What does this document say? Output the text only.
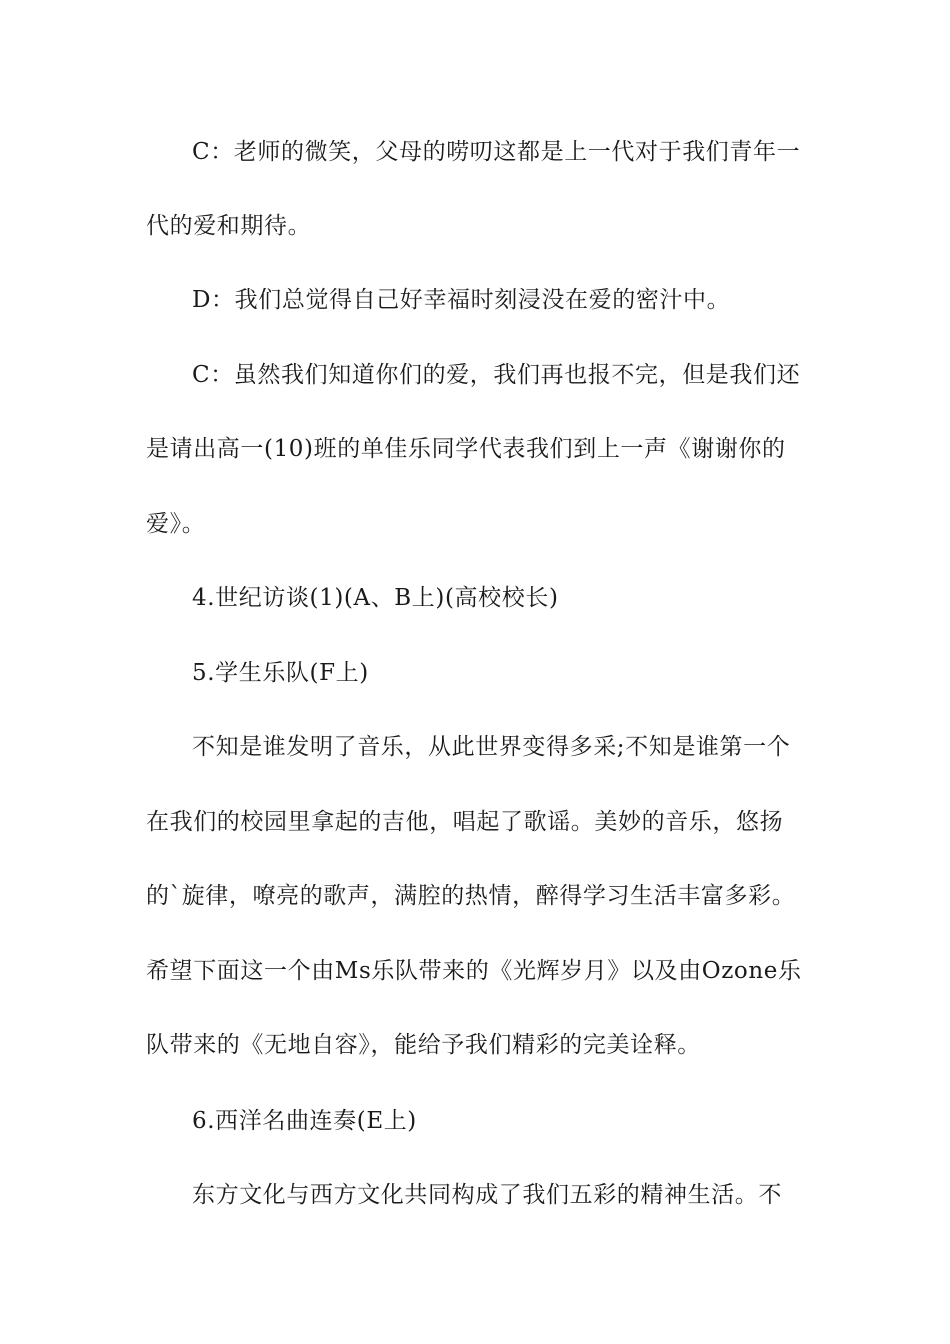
C：老师的微笑，父母的唠叨这都是上一代对于我们青年一
代的爱和期待。
D：我们总觉得自己好幸福时刻浸没在爱的密汁中。
C：虽然我们知道你们的爱，我们再也报不完，但是我们还
是请出高一(10)班的单佳乐同学代表我们到上一声《谢谢你的
爱》。
4.世纪访谈(1)(A、B上)(高校校长)
5.学生乐队(F上)
不知是谁发明了音乐，从此世界变得多采;不知是谁第一个
在我们的校园里拿起的吉他，唱起了歌谣。美妙的音乐，悠扬
的`旋律，嘹亮的歌声，满腔的热情，醉得学习生活丰富多彩。
希望下面这一个由Ms乐队带来的《光辉岁月》以及由Ozone乐
队带来的《无地自容》，能给予我们精彩的完美诠释。
6.西洋名曲连奏(E上)
东方文化与西方文化共同构成了我们五彩的精神生活。不
